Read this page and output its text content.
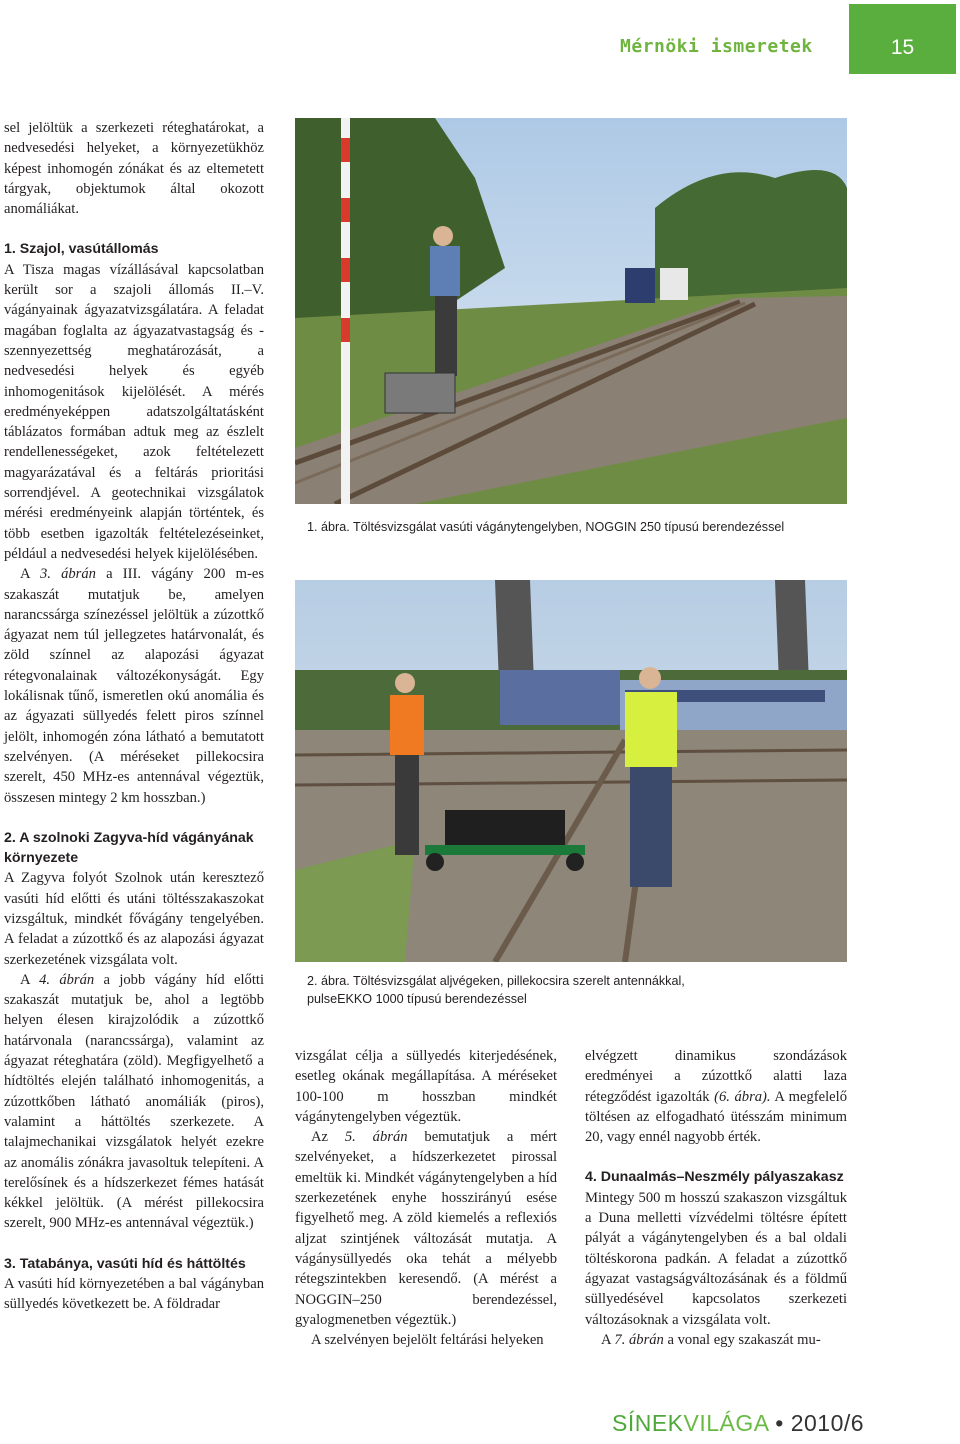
Mérnöki ismeretek	15

sel jelöltük a szerkezeti réteghatárokat, a nedvesedési helyeket, a környezetükhöz képest inhomogén zónákat és az eltemetett tárgyak, objektumok által okozott anomáliákat.

1. Szajol, vasútállomás

A Tisza magas vízállásával kapcsolatban került sor a szajoli állomás II.–V. vágányainak ágyazatvizsgálatára. A feladat magában foglalta az ágyazatvastagság és -szennyezettség meghatározását, a nedvesedési helyek és egyéb inhomogenitások kijelölését. A mérés eredményeképpen adatszolgáltatásként táblázatos formában adtuk meg az észlelt rendellenességeket, azok feltételezett magyarázatával és a feltárás prioritási sorrendjével. A geotechnikai vizsgálatok mérési eredményeink alapján történtek, és több esetben igazolták feltételezéseinket, például a nedvesedési helyek kijelölésében.

A 3. ábrán a III. vágány 200 m-es szakaszát mutatjuk be, amelyen narancssárga színezéssel jelöltük a zúzottkő ágyazat nem túl jellegzetes határvonalát, és zöld színnel az alapozási ágyazat rétegvonalainak változékonyságát. Egy lokálisnak tűnő, ismeretlen okú anomália és az ágyazati süllyedés felett piros színnel jelölt, inhomogén zóna látható a bemutatott szelvényen. (A méréseket pillekocsira szerelt, 450 MHz-es antennával végeztük, összesen mintegy 2 km hosszban.)

2. A szolnoki Zagyva-híd vágányának környezete

A Zagyva folyót Szolnok után keresztező vasúti híd előtti és utáni töltésszakaszokat vizsgáltuk, mindkét fővágány tengelyében. A feladat a zúzottkő és az alapozási ágyazat szerkezetének vizsgálata volt.

A 4. ábrán a jobb vágány híd előtti szakaszát mutatjuk be, ahol a legtöbb helyen élesen kirajzolódik a zúzottkő határvonala (narancssárga), valamint az ágyazat réteghatára (zöld). Megfigyelhető a hídtöltés elején található inhomogenitás, a zúzottkőben látható anomáliák (piros), valamint a háttöltés szerkezete. A talajmechanikai vizsgálatok helyét ezekre az anomális zónákra javasoltuk telepíteni. A terelősínek és a hídszerkezet fémes hatását kékkel jelöltük. (A mérést pillekocsira szerelt, 900 MHz-es antennával végeztük.)

3. Tatabánya, vasúti híd és háttöltés

A vasúti híd környezetében a bal vágányban süllyedés következett be. A földradar

1. ábra. Töltésvizsgálat vasúti vágánytengelyben, NOGGIN 250 típusú berendezéssel
2. ábra. Töltésvizsgálat aljvégeken, pillekocsira szerelt antennákkal,
pulseEKKO 1000 típusú berendezéssel

vizsgálat célja a süllyedés kiterjedésének, esetleg okának megállapítása. A méréseket 100-100 m hosszban mindkét vágánytengelyben végeztük.

Az 5. ábrán bemutatjuk a mért szelvényeket, a hídszerkezetet pirossal emeltük ki. Mindkét vágánytengelyben a híd szerkezetének enyhe hosszirányú esése figyelhető meg. A zöld kiemelés a reflexiós aljzat szintjének változását mutatja. A vágánysüllyedés oka tehát a mélyebb rétegszintekben keresendő. (A mérést a NOGGIN–250 berendezéssel, gyalogmenetben végeztük.)

A szelvényen bejelölt feltárási helyeken

elvégzett dinamikus szondázások eredményei a zúzottkő alatti laza rétegződést igazolták (6. ábra). A megfelelő töltésen az elfogadható ütésszám minimum 20, vagy ennél nagyobb érték.

4. Dunaalmás–Neszmély pályaszakasz

Mintegy 500 m hosszú szakaszon vizsgáltuk a Duna melletti vízvédelmi töltésre épített pályát a vágánytengelyben és a bal oldali töltéskorona padkán. A feladat a zúzottkő ágyazat vastagságváltozásának és a földmű süllyedésével kapcsolatos szerkezeti változásoknak a vizsgálata volt.

A 7. ábrán a vonal egy szakaszát mu-

SÍNEKVILÁGA • 2010/6
